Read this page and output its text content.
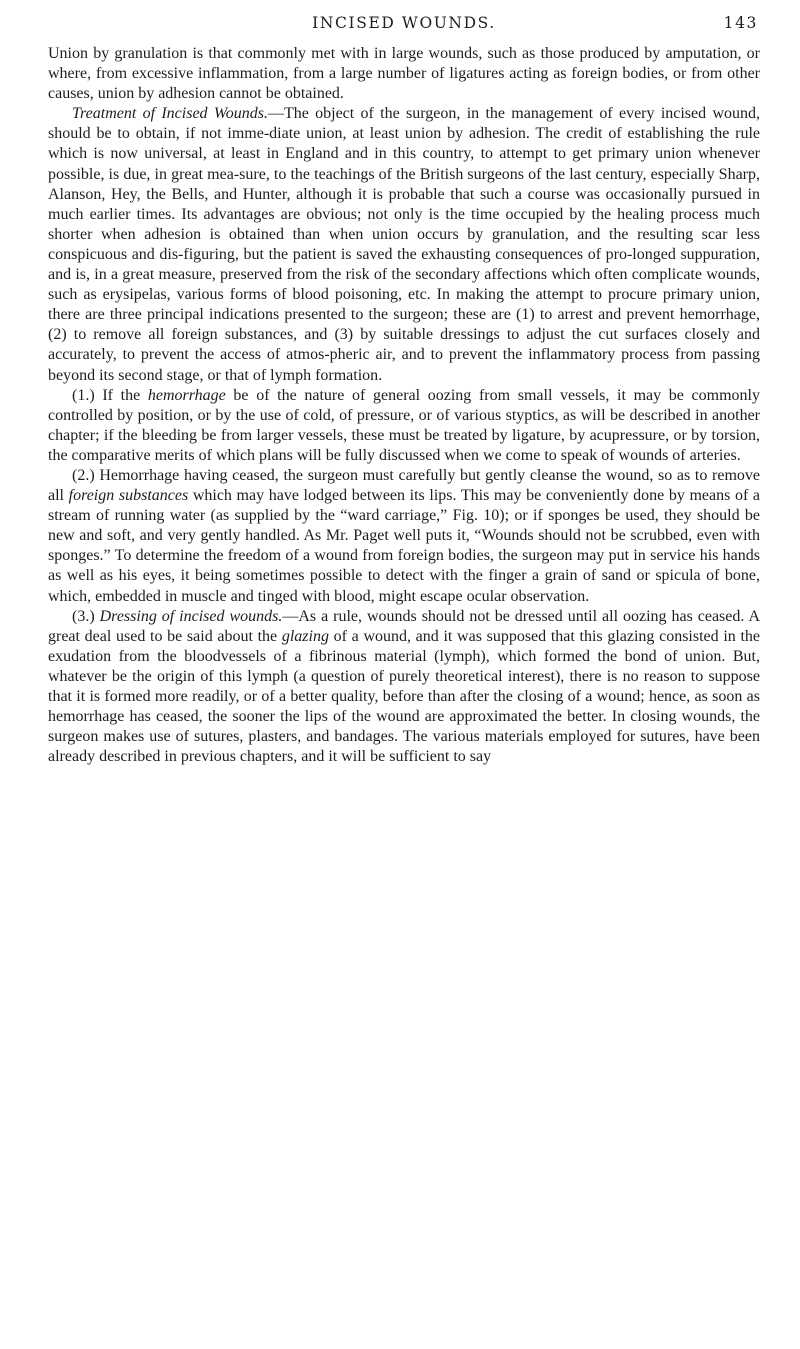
INCISED WOUNDS.	143

Union by granulation is that commonly met with in large wounds, such as those produced by amputation, or where, from excessive inflammation, from a large number of ligatures acting as foreign bodies, or from other causes, union by adhesion cannot be obtained.

Treatment of Incised Wounds.—The object of the surgeon, in the management of every incised wound, should be to obtain, if not imme-diate union, at least union by adhesion. The credit of establishing the rule which is now universal, at least in England and in this country, to attempt to get primary union whenever possible, is due, in great mea-sure, to the teachings of the British surgeons of the last century, especially Sharp, Alanson, Hey, the Bells, and Hunter, although it is probable that such a course was occasionally pursued in much earlier times. Its advantages are obvious; not only is the time occupied by the healing process much shorter when adhesion is obtained than when union occurs by granulation, and the resulting scar less conspicuous and dis-figuring, but the patient is saved the exhausting consequences of pro-longed suppuration, and is, in a great measure, preserved from the risk of the secondary affections which often complicate wounds, such as erysipelas, various forms of blood poisoning, etc. In making the attempt to procure primary union, there are three principal indications presented to the surgeon; these are (1) to arrest and prevent hemorrhage, (2) to remove all foreign substances, and (3) by suitable dressings to adjust the cut surfaces closely and accurately, to prevent the access of atmos-pheric air, and to prevent the inflammatory process from passing beyond its second stage, or that of lymph formation.

(1.) If the hemorrhage be of the nature of general oozing from small vessels, it may be commonly controlled by position, or by the use of cold, of pressure, or of various styptics, as will be described in another chapter; if the bleeding be from larger vessels, these must be treated by ligature, by acupressure, or by torsion, the comparative merits of which plans will be fully discussed when we come to speak of wounds of arteries.

(2.) Hemorrhage having ceased, the surgeon must carefully but gently cleanse the wound, so as to remove all foreign substances which may have lodged between its lips. This may be conveniently done by means of a stream of running water (as supplied by the “ward carriage,” Fig. 10); or if sponges be used, they should be new and soft, and very gently handled. As Mr. Paget well puts it, “Wounds should not be scrubbed, even with sponges.” To determine the freedom of a wound from foreign bodies, the surgeon may put in service his hands as well as his eyes, it being sometimes possible to detect with the finger a grain of sand or spicula of bone, which, embedded in muscle and tinged with blood, might escape ocular observation.

(3.) Dressing of incised wounds.—As a rule, wounds should not be dressed until all oozing has ceased. A great deal used to be said about the glazing of a wound, and it was supposed that this glazing consisted in the exudation from the bloodvessels of a fibrinous material (lymph), which formed the bond of union. But, whatever be the origin of this lymph (a question of purely theoretical interest), there is no reason to suppose that it is formed more readily, or of a better quality, before than after the closing of a wound; hence, as soon as hemorrhage has ceased, the sooner the lips of the wound are approximated the better. In closing wounds, the surgeon makes use of sutures, plasters, and bandages. The various materials employed for sutures, have been already described in previous chapters, and it will be sufficient to say
